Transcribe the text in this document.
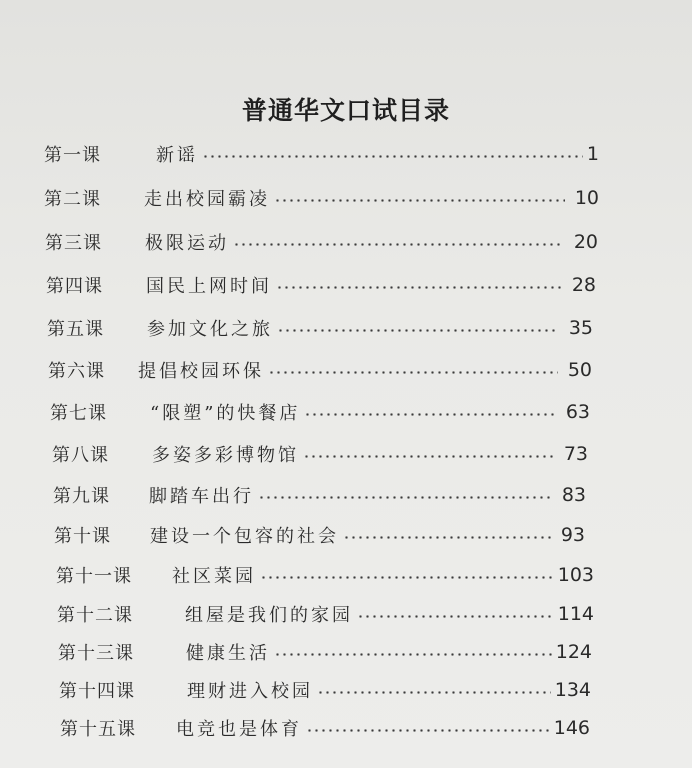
普通华文口试目录
第一课	新谣	1
第二课	走出校园霸凌	10
第三课	极限运动	20
第四课	国民上网时间	28
第五课	参加文化之旅	35
第六课	提倡校园环保	50
第七课	“限塑”的快餐店	63
第八课	多姿多彩博物馆	73
第九课	脚踏车出行	83
第十课	建设一个包容的社会	93
第十一课	社区菜园	103
第十二课	组屋是我们的家园	114
第十三课	健康生活	124
第十四课	理财进入校园	134
第十五课	电竞也是体育	146
